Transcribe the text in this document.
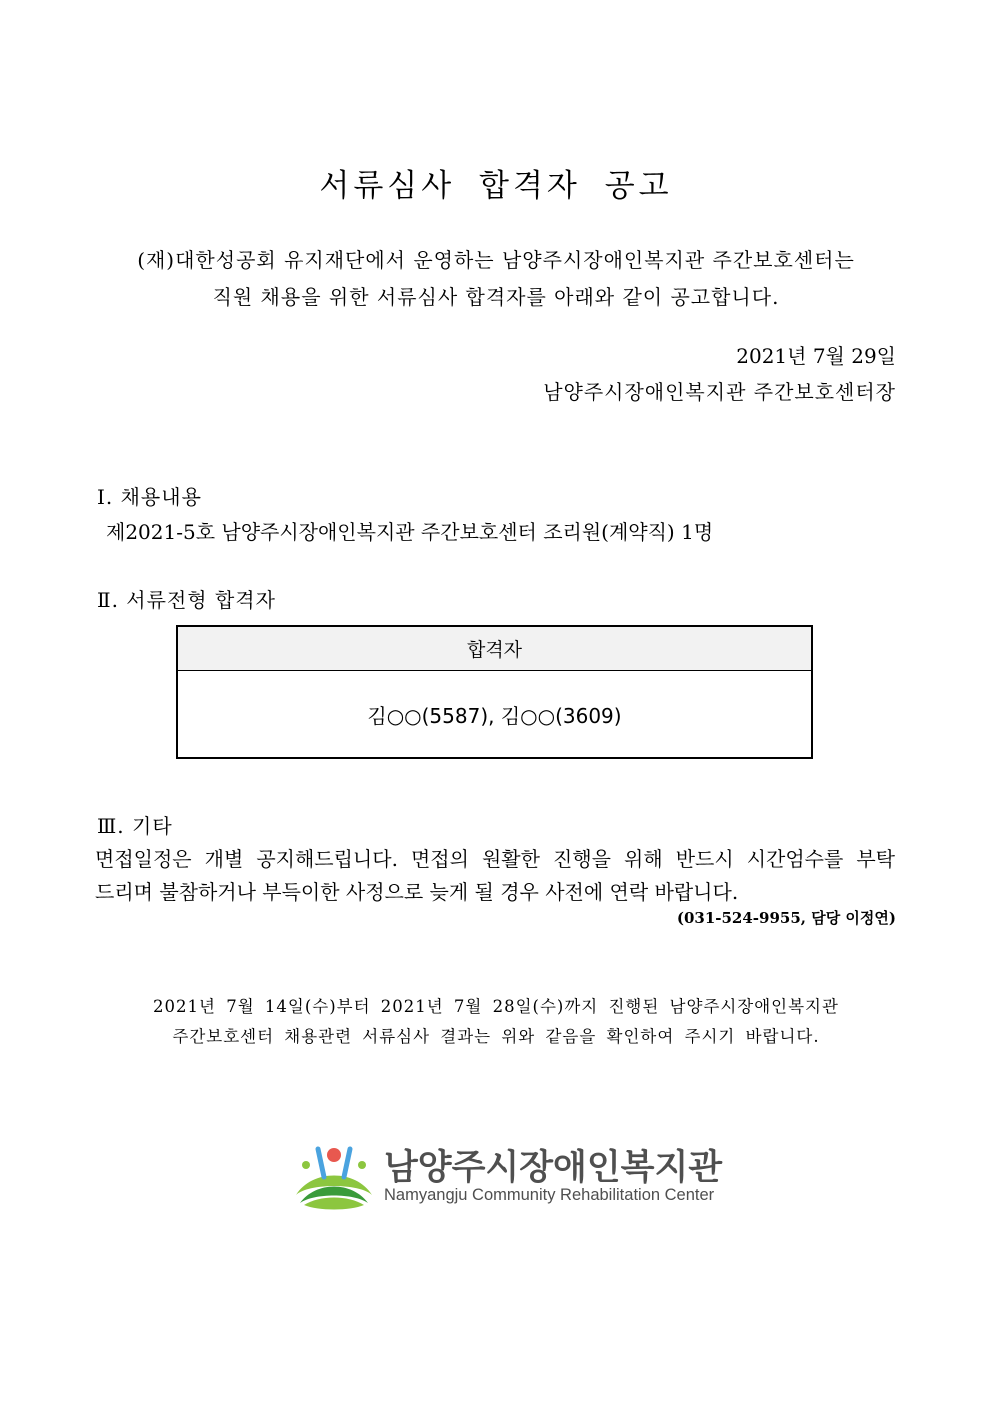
서류심사 합격자 공고
(재)대한성공회 유지재단에서 운영하는 남양주시장애인복지관 주간보호센터는
직원 채용을 위한 서류심사 합격자를 아래와 같이 공고합니다.
2021년 7월 29일
남양주시장애인복지관 주간보호센터장
Ⅰ. 채용내용
제2021-5호 남양주시장애인복지관 주간보호센터 조리원(계약직) 1명
Ⅱ. 서류전형 합격자
합격자
김○○(5587), 김○○(3609)
Ⅲ. 기타
면접일정은 개별 공지해드립니다. 면접의 원활한 진행을 위해 반드시 시간엄수를 부탁
드리며 불참하거나 부득이한 사정으로 늦게 될 경우 사전에 연락 바랍니다.
(031-524-9955, 담당 이정연)
2021년 7월 14일(수)부터 2021년 7월 28일(수)까지 진행된 남양주시장애인복지관
주간보호센터 채용관련 서류심사 결과는 위와 같음을 확인하여 주시기 바랍니다.
남양주시장애인복지관
Namyangju Community Rehabilitation Center
